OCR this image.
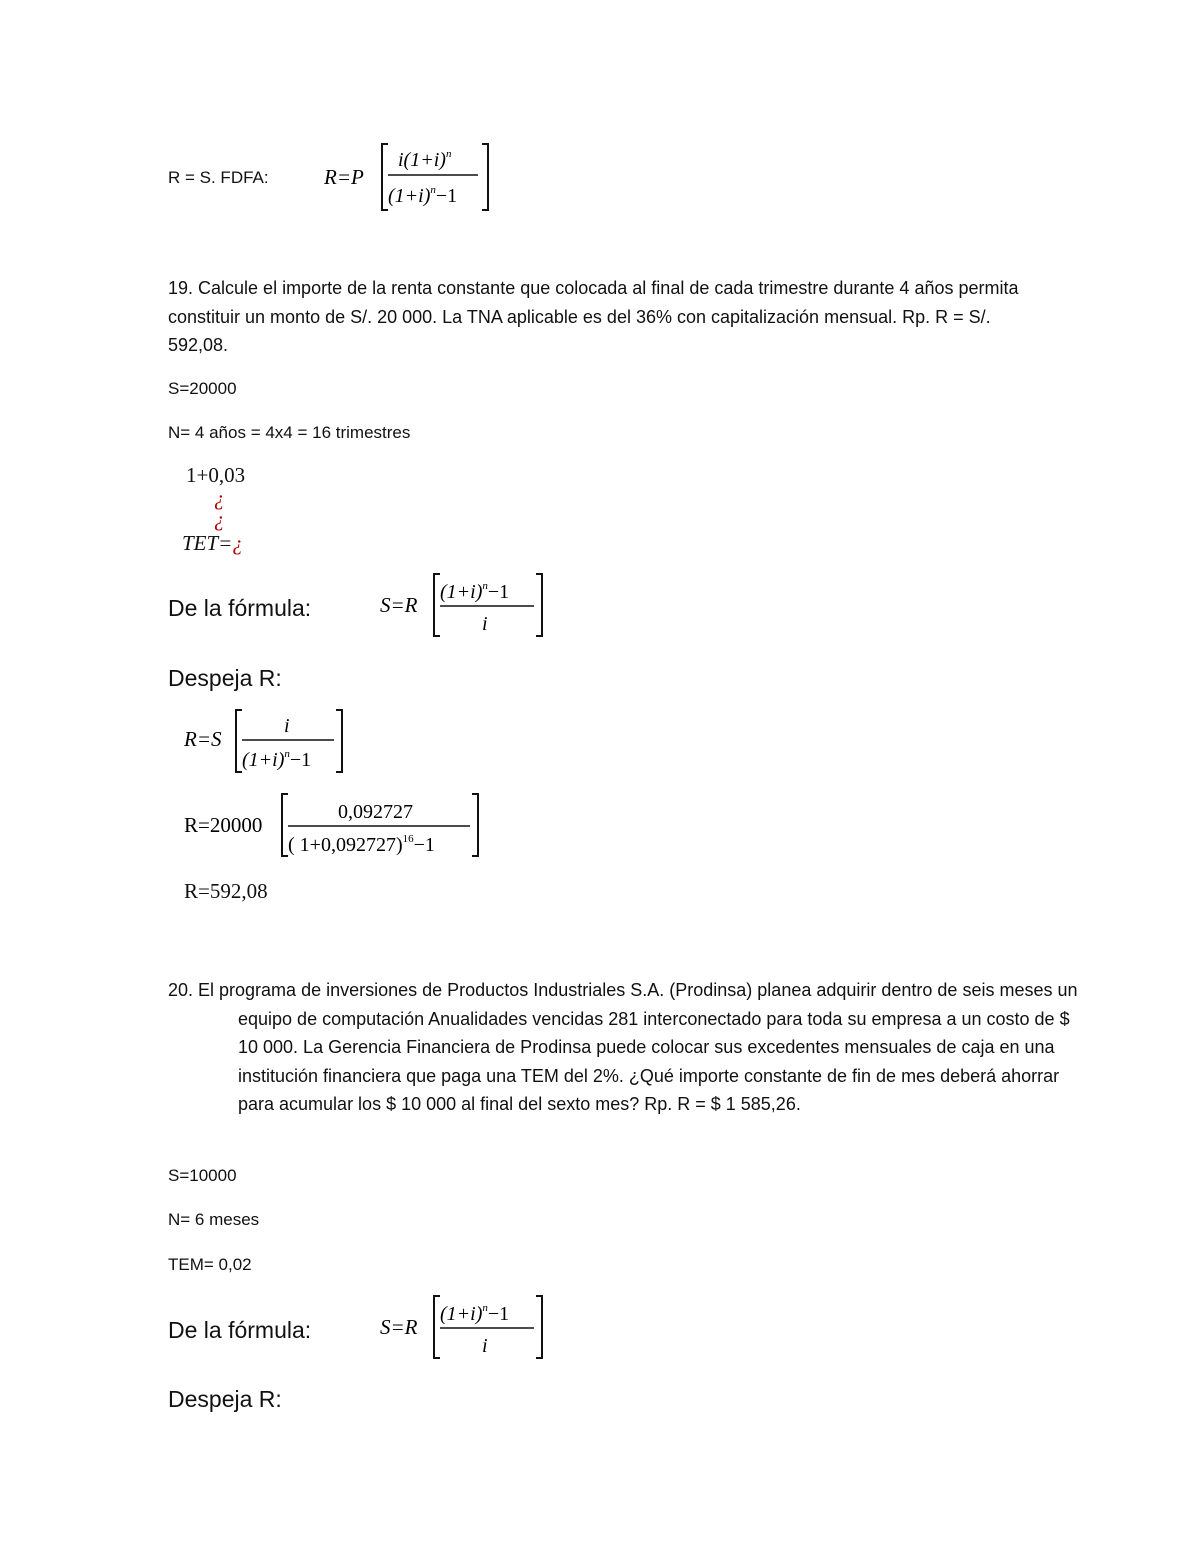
R = S. FDFA:	R=P
$i(1+i)^n$
$(1+i)^n-1$
19. Calcule el importe de la renta constante que colocada al final de cada trimestre durante 4 años permita constituir un monto de S/. 20 000. La TNA aplicable es del 36% con capitalización mensual. Rp. R = S/. 592,08.
S=20000
N= 4 años = 4x4 = 16 trimestres
1+0,03
¿
¿
TET=¿
De la fórmula:	S=R
$(1+i)^n-1$
i
Despeja R:
R=S
i
$(1+i)^n-1$
R=20000
0,092727
( 1+0,092727)$^{16}$−1
R=592,08
20. El programa de inversiones de Productos Industriales S.A. (Prodinsa) planea adquirir dentro de seis meses un equipo de computación Anualidades vencidas 281 interconectado para toda su empresa a un costo de $ 10 000. La Gerencia Financiera de Prodinsa puede colocar sus excedentes mensuales de caja en una institución financiera que paga una TEM del 2%. ¿Qué importe constante de fin de mes deberá ahorrar para acumular los $ 10 000 al final del sexto mes? Rp. R = $ 1 585,26.
S=10000
N= 6 meses
TEM= 0,02
De la fórmula:	S=R
$(1+i)^n-1$
i
Despeja R:
